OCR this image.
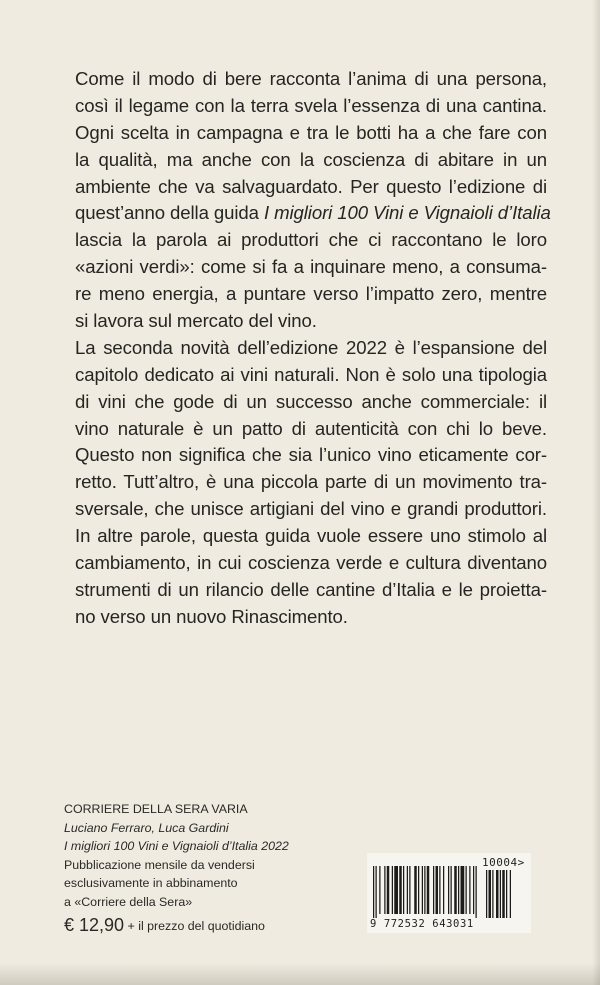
Come il modo di bere racconta l’anima di una persona,
così il legame con la terra svela l’essenza di una cantina.
Ogni scelta in campagna e tra le botti ha a che fare con
la qualità, ma anche con la coscienza di abitare in un
ambiente che va salvaguardato. Per questo l’edizione di
quest’anno della guida I migliori 100 Vini e Vignaioli d’Italia
lascia la parola ai produttori che ci raccontano le loro
«azioni verdi»: come si fa a inquinare meno, a consuma-
re meno energia, a puntare verso l’impatto zero, mentre
si lavora sul mercato del vino.
La seconda novità dell’edizione 2022 è l’espansione del
capitolo dedicato ai vini naturali. Non è solo una tipologia
di vini che gode di un successo anche commerciale: il
vino naturale è un patto di autenticità con chi lo beve.
Questo non significa che sia l’unico vino eticamente cor-
retto. Tutt’altro, è una piccola parte di un movimento tra-
sversale, che unisce artigiani del vino e grandi produttori.
In altre parole, questa guida vuole essere uno stimolo al
cambiamento, in cui coscienza verde e cultura diventano
strumenti di un rilancio delle cantine d’Italia e le proietta-
no verso un nuovo Rinascimento.
CORRIERE DELLA SERA VARIA
Luciano Ferraro, Luca Gardini
I migliori 100 Vini e Vignaioli d’Italia 2022
Pubblicazione mensile da vendersi
esclusivamente in abbinamento
a «Corriere della Sera»
€ 12,90 + il prezzo del quotidiano
10004>
9 772532 643031
